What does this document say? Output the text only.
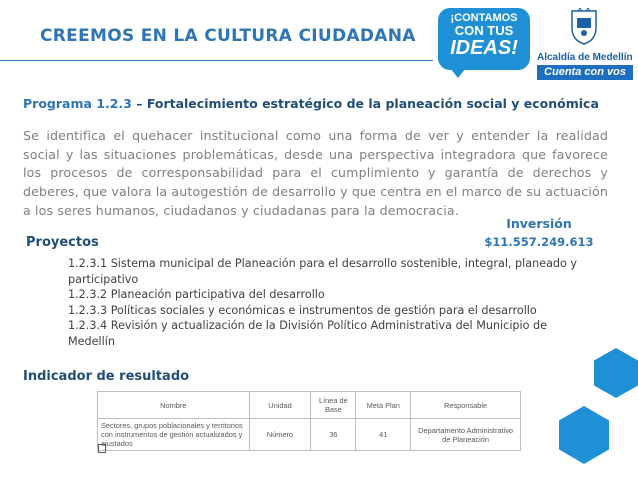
CREEMOS EN LA CULTURA CIUDADANA
¡CONTAMOS
CON TUS
IDEAS!	Alcaldía de Medellín
Cuenta con vos
Programa 1.2.3 – Fortalecimiento estratégico de la planeación social y económica

Se identifica el quehacer institucional como una forma de ver y entender la realidad social y las situaciones problemáticas, desde una perspectiva integradora que favorece los procesos de corresponsabilidad para el cumplimiento y garantía de derechos y deberes, que valora la autogestión de desarrollo y que centra en el marco de su actuación a los seres humanos, ciudadanos y ciudadanas para la democracia.

Inversión
$11.557.249.613
Proyectos
1.2.3.1 Sistema municipal de Planeación para el desarrollo sostenible, integral, planeado y participativo
1.2.3.2 Planeación participativa del desarrollo
1.2.3.3 Políticas sociales y económicas e instrumentos de gestión para el desarrollo
1.2.3.4 Revisión y actualización de la División Político Administrativa del Municipio de Medellín
Indicador de resultado
Nombre	Unidad	Línea de Base	Meta Plan	Responsable
Sectores, grupos poblacionales y territorios con instrumentos de gestión actualizados y ajustados	Número	36	41	Departamento Administrativo de Planeación
